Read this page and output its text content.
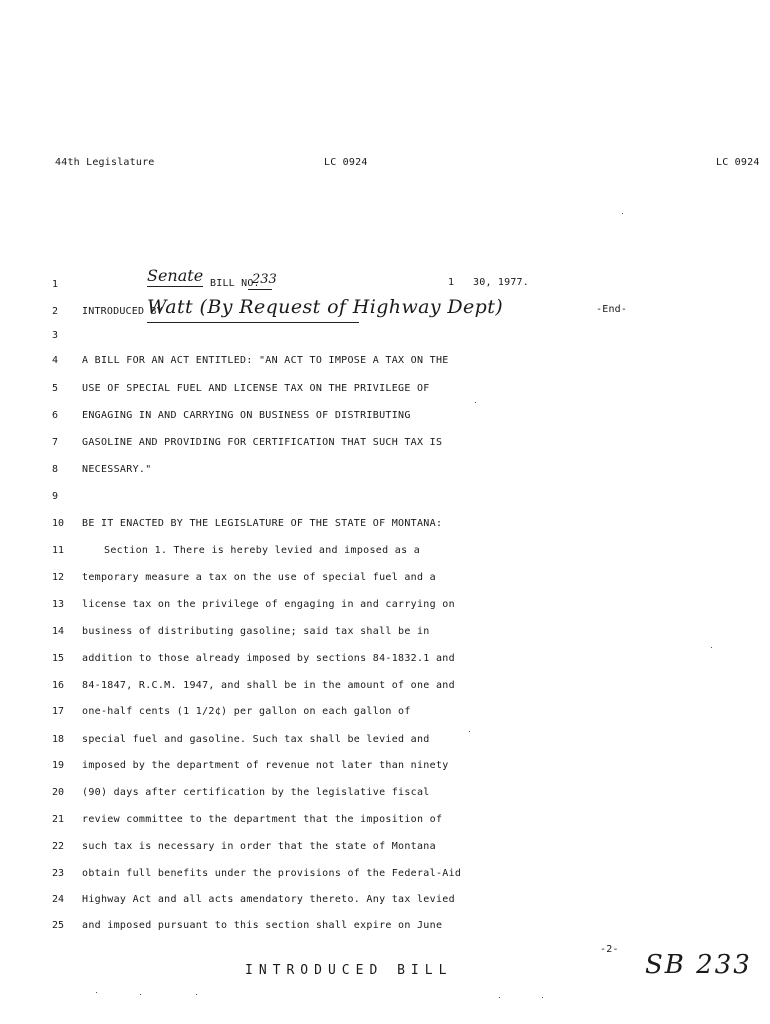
44th Legislature	LC 0924	LC 0924
Senate BILL NO.
233
INTRODUCED BY
Watt (By Request of Highway Dept)
1
2
3
4	A BILL FOR AN ACT ENTITLED: "AN ACT TO IMPOSE A TAX ON THE
5	USE OF SPECIAL FUEL AND LICENSE TAX ON THE PRIVILEGE OF
6	ENGAGING IN AND CARRYING ON BUSINESS OF DISTRIBUTING
7	GASOLINE AND PROVIDING FOR CERTIFICATION THAT SUCH TAX IS
8	NECESSARY."
9
10	BE IT ENACTED BY THE LEGISLATURE OF THE STATE OF MONTANA:
11	Section 1. There is hereby levied and imposed as a
12	temporary measure a tax on the use of special fuel and a
13	license tax on the privilege of engaging in and carrying on
14	business of distributing gasoline; said tax shall be in
15	addition to those already imposed by sections 84-1832.1 and
16	84-1847, R.C.M. 1947, and shall be in the amount of one and
17	one-half cents (1 1/2¢) per gallon on each gallon of
18	special fuel and gasoline. Such tax shall be levied and
19	imposed by the department of revenue not later than ninety
20	(90) days after certification by the legislative fiscal
21	review committee to the department that the imposition of
22	such tax is necessary in order that the state of Montana
23	obtain full benefits under the provisions of the Federal-Aid
24	Highway Act and all acts amendatory thereto. Any tax levied
25	and imposed pursuant to this section shall expire on June
1 30, 1977.
-End-
-2-
INTRODUCED BILL	SB 233
